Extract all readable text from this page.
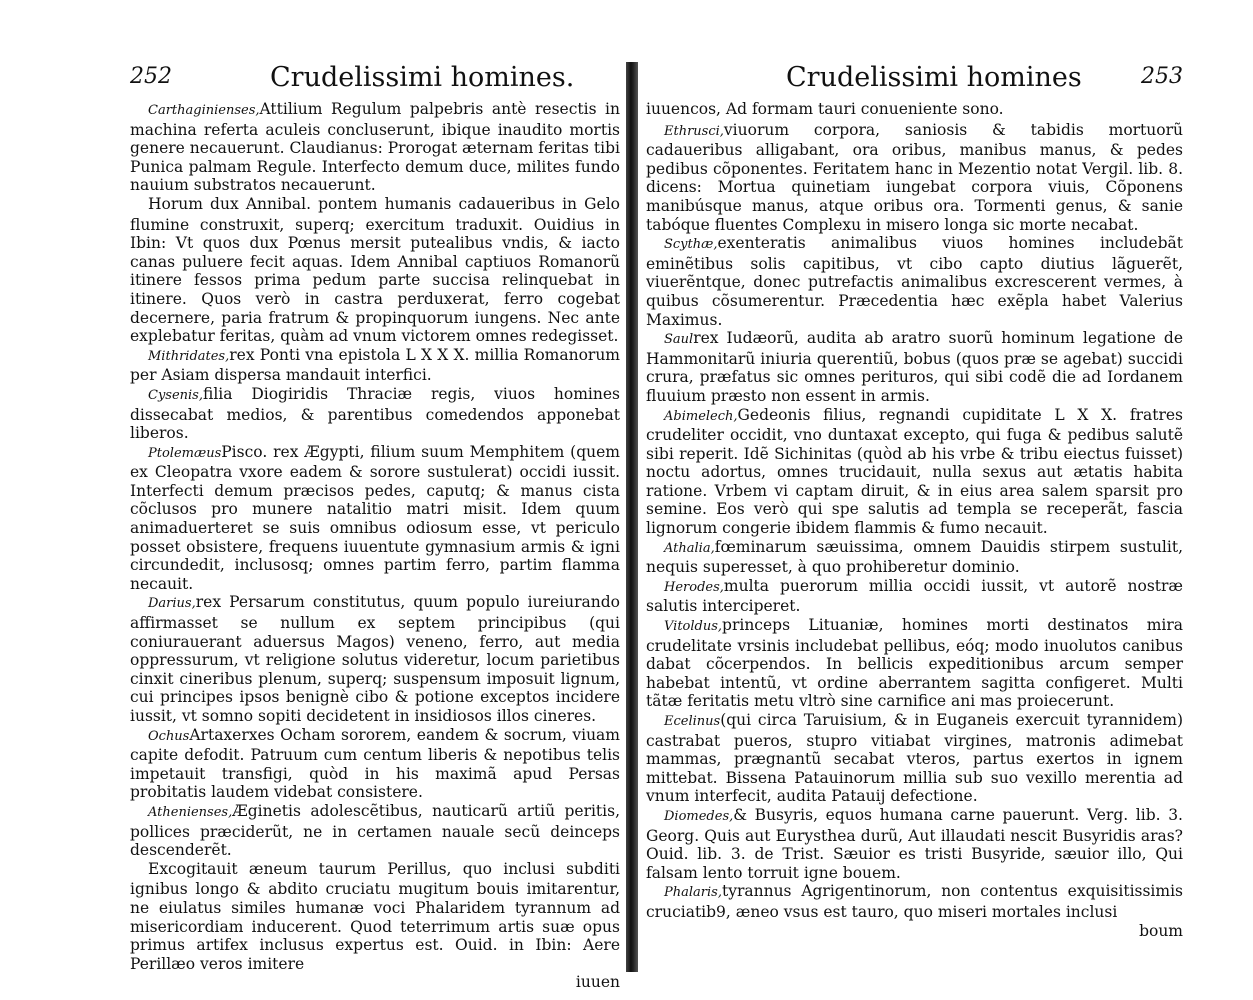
252	Crudelissimi homines.

Carthaginienses,Attilium Regulum palpebris antè resectis in machina referta aculeis concluserunt, ibique inaudito mortis genere necauerunt. Claudianus: Prorogat æternam feritas tibi Punica palmam Regule. Interfecto demum duce, milites fundo nauium substratos necauerunt.

Horum dux Annibal. pontem humanis cadaueribus in Gelo flumine construxit, superq; exercitum traduxit. Ouidius in Ibin: Vt quos dux Pœnus mersit putealibus vndis, & iacto canas puluere fecit aquas. Idem Annibal captiuos Romanorũ itinere fessos prima pedum parte succisa relinquebat in itinere. Quos verò in castra perduxerat, ferro cogebat decernere, paria fratrum & propinquorum iungens. Nec ante explebatur feritas, quàm ad vnum victorem omnes redegisset.

Mithridates,rex Ponti vna epistola L X X X. millia Romanorum per Asiam dispersa mandauit interfici.

Cysenis,filia Diogiridis Thraciæ regis, viuos homines dissecabat medios, & parentibus comedendos apponebat liberos.

PtolemæusPisco. rex Ægypti, filium suum Memphitem (quem ex Cleopatra vxore eadem & sorore sustulerat) occidi iussit. Interfecti demum præcisos pedes, caputq; & manus cista cõclusos pro munere natalitio matri misit. Idem quum animaduerteret se suis omnibus odiosum esse, vt periculo posset obsistere, frequens iuuentute gymnasium armis & igni circundedit, inclusosq; omnes partim ferro, partim flamma necauit.

Darius,rex Persarum constitutus, quum populo iureiurando affirmasset se nullum ex septem principibus (qui coniurauerant aduersus Magos) veneno, ferro, aut media oppressurum, vt religione solutus videretur, locum parietibus cinxit cineribus plenum, superq; suspensum imposuit lignum, cui principes ipsos benignè cibo & potione exceptos incidere iussit, vt somno sopiti decidetent in insidiosos illos cineres.

OchusArtaxerxes Ocham sororem, eandem & socrum, viuam capite defodit. Patruum cum centum liberis & nepotibus telis impetauit transfigi, quòd in his maximã apud Persas probitatis laudem videbat consistere.

Athenienses,Æginetis adolescẽtibus, nauticarũ artiũ peritis, pollices præciderũt, ne in certamen nauale secũ deinceps descenderẽt.

Excogitauit æneum taurum Perillus, quo inclusi subditi ignibus longo & abdito cruciatu mugitum bouis imitarentur, ne eiulatus similes humanæ voci Phalaridem tyrannum ad misericordiam inducerent. Quod teterrimum artis suæ opus primus artifex inclusus expertus est. Ouid. in Ibin: Aere Perillæo veros imitere

iuuen
Crudelissimi homines	253

iuuencos, Ad formam tauri conueniente sono.

Ethrusci,viuorum corpora, saniosis & tabidis mortuorũ cadaueribus alligabant, ora oribus, manibus manus, & pedes pedibus cõponentes. Feritatem hanc in Mezentio notat Vergil. lib. 8. dicens: Mortua quinetiam iungebat corpora viuis, Cõponens manibúsque manus, atque oribus ora. Tormenti genus, & sanie tabóque fluentes Complexu in misero longa sic morte necabat.

Scythæ,exenteratis animalibus viuos homines includebãt eminẽtibus solis capitibus, vt cibo capto diutius lãguerẽt, viuerẽntque, donec putrefactis animalibus excrescerent vermes, à quibus cõsumerentur. Præcedentia hæc exẽpla habet Valerius Maximus.

Saulrex Iudæorũ, audita ab aratro suorũ hominum legatione de Hammonitarũ iniuria querentiũ, bobus (quos præ se agebat) succidi crura, præfatus sic omnes perituros, qui sibi codẽ die ad Iordanem fluuium præsto non essent in armis.

Abimelech,Gedeonis filius, regnandi cupiditate L X X. fratres crudeliter occidit, vno duntaxat excepto, qui fuga & pedibus salutẽ sibi reperit. Idẽ Sichinitas (quòd ab his vrbe & tribu eiectus fuisset) noctu adortus, omnes trucidauit, nulla sexus aut ætatis habita ratione. Vrbem vi captam diruit, & in eius area salem sparsit pro semine. Eos verò qui spe salutis ad templa se receperãt, fascia lignorum congerie ibidem flammis & fumo necauit.

Athalia,fœminarum sæuissima, omnem Dauidis stirpem sustulit, nequis superesset, à quo prohiberetur dominio.

Herodes,multa puerorum millia occidi iussit, vt autorẽ nostræ salutis interciperet.

Vitoldus,princeps Lituaniæ, homines morti destinatos mira crudelitate vrsinis includebat pellibus, eóq; modo inuolutos canibus dabat cõcerpendos. In bellicis expeditionibus arcum semper habebat intentũ, vt ordine aberrantem sagitta configeret. Multi tãtæ feritatis metu vltrò sine carnifice ani mas proiecerunt.

Ecelinus(qui circa Taruisium, & in Euganeis exercuit tyrannidem) castrabat pueros, stupro vitiabat virgines, matronis adimebat mammas, prægnantũ secabat vteros, partus exertos in ignem mittebat. Bissena Patauinorum millia sub suo vexillo merentia ad vnum interfecit, audita Patauij defectione.

Diomedes,& Busyris, equos humana carne pauerunt. Verg. lib. 3. Georg. Quis aut Eurysthea durũ, Aut illaudati nescit Busyridis aras? Ouid. lib. 3. de Trist. Sæuior es tristi Busyride, sæuior illo, Qui falsam lento torruit igne bouem.

Phalaris,tyrannus Agrigentinorum, non contentus exquisitissimis cruciatib9, æneo vsus est tauro, quo miseri mortales inclusi

boum
